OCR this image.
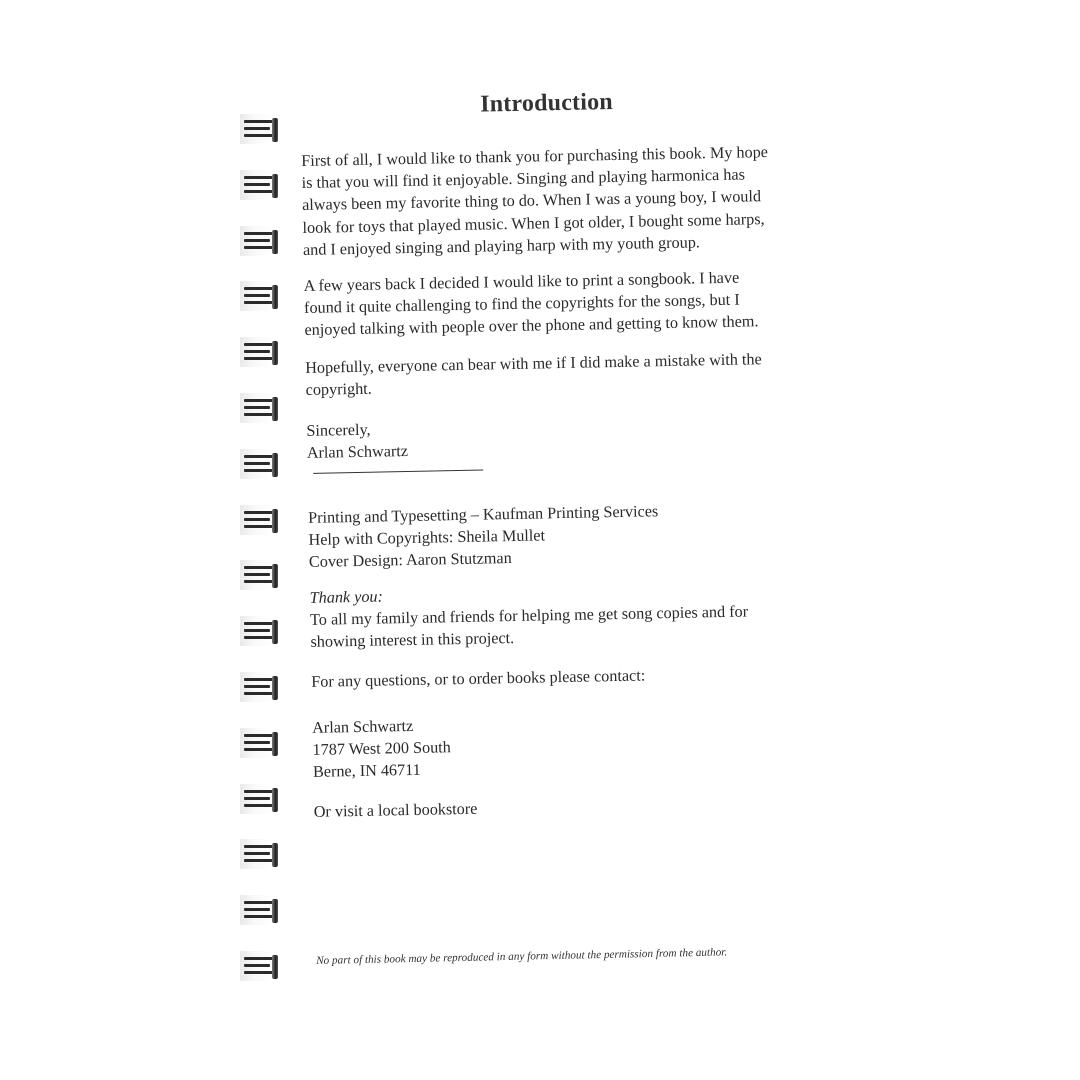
Introduction

First of all, I would like to thank you for purchasing this book. My hope
is that you will find it enjoyable. Singing and playing harmonica has
always been my favorite thing to do. When I was a young boy, I would
look for toys that played music. When I got older, I bought some harps,
and I enjoyed singing and playing harp with my youth group.

A few years back I decided I would like to print a songbook. I have
found it quite challenging to find the copyrights for the songs, but I
enjoyed talking with people over the phone and getting to know them.

Hopefully, everyone can bear with me if I did make a mistake with the
copyright.

Sincerely,

Arlan Schwartz

Printing and Typesetting – Kaufman Printing Services
Help with Copyrights: Sheila Mullet
Cover Design: Aaron Stutzman

Thank you:

To all my family and friends for helping me get song copies and for
showing interest in this project.

For any questions, or to order books please contact:

Arlan Schwartz
1787 West 200 South
Berne, IN 46711

Or visit a local bookstore

No part of this book may be reproduced in any form without the permission from the author.
